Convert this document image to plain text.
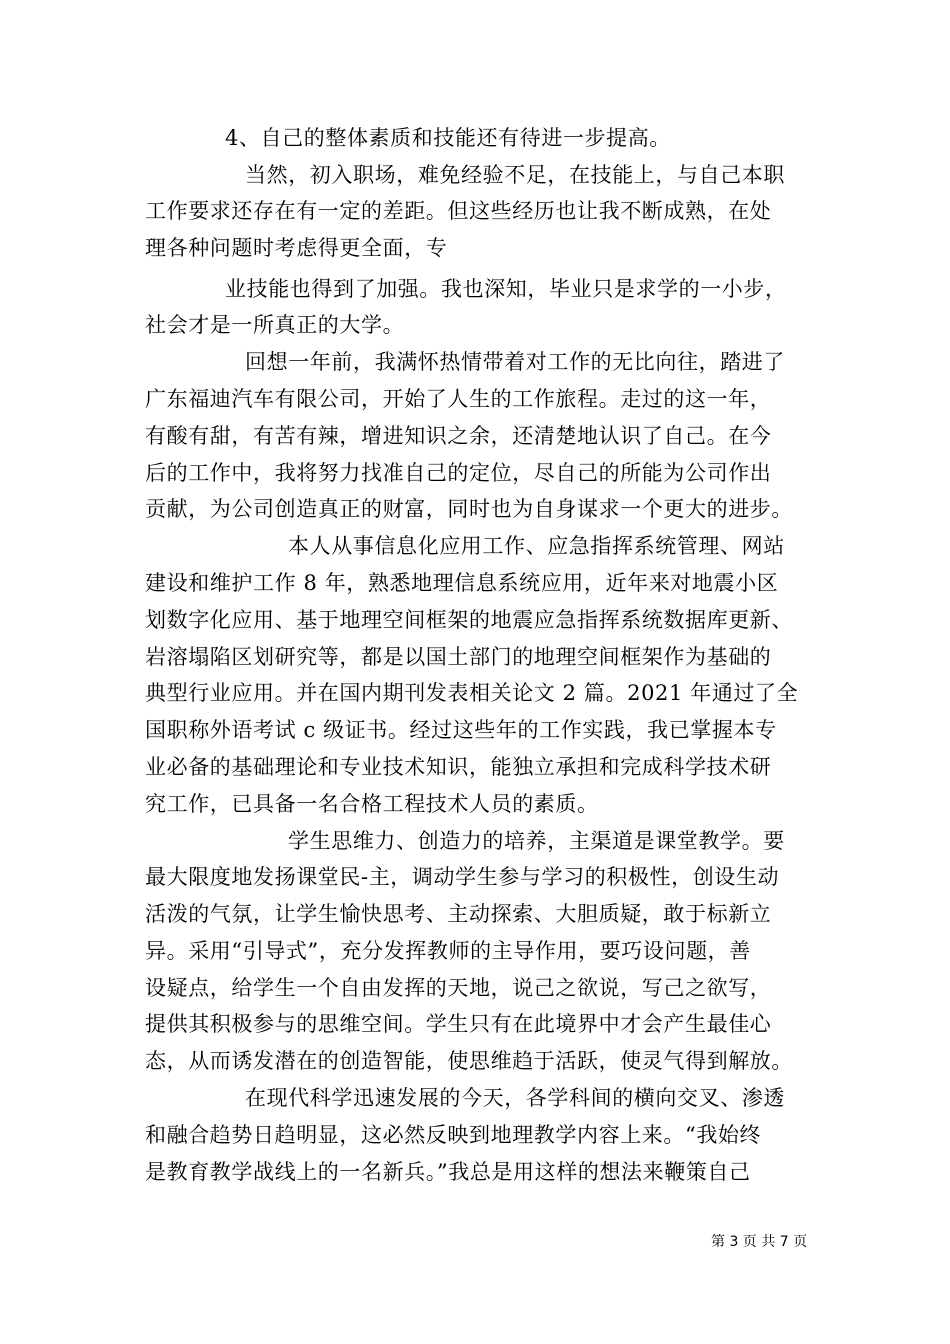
4、自己的整体素质和技能还有待进一步提高。
当然，初入职场，难免经验不足，在技能上，与自己本职
工作要求还存在有一定的差距。但这些经历也让我不断成熟，在处
理各种问题时考虑得更全面，专
业技能也得到了加强。我也深知，毕业只是求学的一小步，
社会才是一所真正的大学。
回想一年前，我满怀热情带着对工作的无比向往，踏进了
广东福迪汽车有限公司，开始了人生的工作旅程。走过的这一年，
有酸有甜，有苦有辣，增进知识之余，还清楚地认识了自己。在今
后的工作中，我将努力找准自己的定位，尽自己的所能为公司作出
贡献，为公司创造真正的财富，同时也为自身谋求一个更大的进步。
本人从事信息化应用工作、应急指挥系统管理、网站
建设和维护工作 8 年，熟悉地理信息系统应用，近年来对地震小区
划数字化应用、基于地理空间框架的地震应急指挥系统数据库更新、
岩溶塌陷区划研究等，都是以国土部门的地理空间框架作为基础的
典型行业应用。并在国内期刊发表相关论文 2 篇。2021 年通过了全
国职称外语考试 c 级证书。经过这些年的工作实践，我已掌握本专
业必备的基础理论和专业技术知识，能独立承担和完成科学技术研
究工作，已具备一名合格工程技术人员的素质。
学生思维力、创造力的培养，主渠道是课堂教学。要
最大限度地发扬课堂民-主，调动学生参与学习的积极性，创设生动
活泼的气氛，让学生愉快思考、主动探索、大胆质疑，敢于标新立
异。采用“引导式”，充分发挥教师的主导作用，要巧设问题，善
设疑点，给学生一个自由发挥的天地，说己之欲说，写己之欲写，
提供其积极参与的思维空间。学生只有在此境界中才会产生最佳心
态，从而诱发潜在的创造智能，使思维趋于活跃，使灵气得到解放。
在现代科学迅速发展的今天，各学科间的横向交叉、渗透
和融合趋势日趋明显，这必然反映到地理教学内容上来。“我始终
是教育教学战线上的一名新兵。”我总是用这样的想法来鞭策自己
第 3 页 共 7 页
